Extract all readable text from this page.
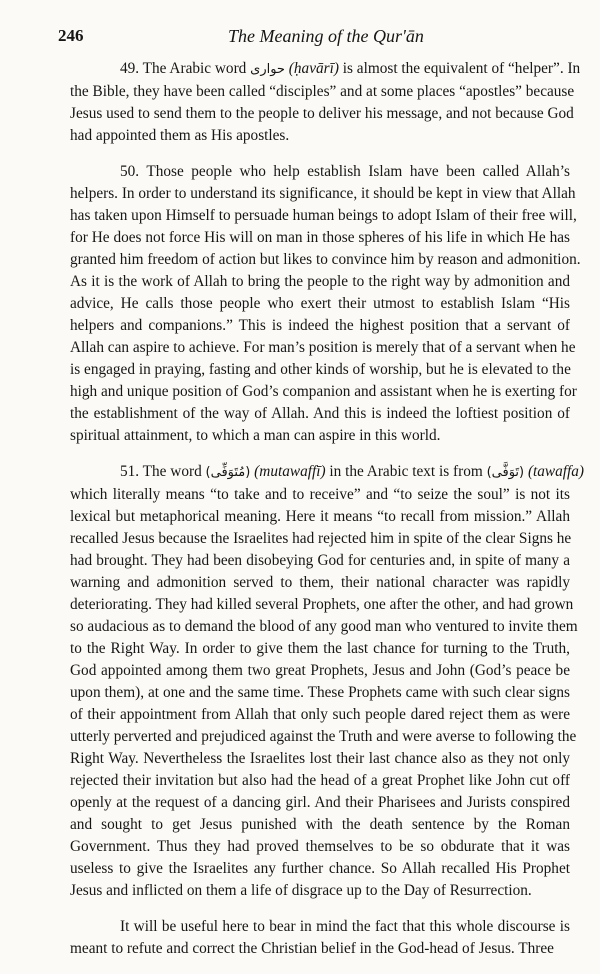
246	The Meaning of the Qur'ān
49. The Arabic word حواری (ḥavārī) is almost the equivalent of “helper”. In
the Bible, they have been called “disciples” and at some places “apostles” because
Jesus used to send them to the people to deliver his message, and not because God
had appointed them as His apostles.
50. Those people who help establish Islam have been called Allah’s
helpers. In order to understand its significance, it should be kept in view that Allah
has taken upon Himself to persuade human beings to adopt Islam of their free will,
for He does not force His will on man in those spheres of his life in which He has
granted him freedom of action but likes to convince him by reason and admonition.
As it is the work of Allah to bring the people to the right way by admonition and
advice, He calls those people who exert their utmost to establish Islam “His
helpers and companions.” This is indeed the highest position that a servant of
Allah can aspire to achieve. For man’s position is merely that of a servant when he
is engaged in praying, fasting and other kinds of worship, but he is elevated to the
high and unique position of God’s companion and assistant when he is exerting for
the establishment of the way of Allah. And this is indeed the loftiest position of
spiritual attainment, to which a man can aspire in this world.
51. The word (مُتَوَفِّی) (mutawaffī) in the Arabic text is from (تَوَفَّی) (tawaffa)
which literally means “to take and to receive” and “to seize the soul” is not its
lexical but metaphorical meaning. Here it means “to recall from mission.” Allah
recalled Jesus because the Israelites had rejected him in spite of the clear Signs he
had brought. They had been disobeying God for centuries and, in spite of many a
warning and admonition served to them, their national character was rapidly
deteriorating. They had killed several Prophets, one after the other, and had grown
so audacious as to demand the blood of any good man who ventured to invite them
to the Right Way. In order to give them the last chance for turning to the Truth,
God appointed among them two great Prophets, Jesus and John (God’s peace be
upon them), at one and the same time. These Prophets came with such clear signs
of their appointment from Allah that only such people dared reject them as were
utterly perverted and prejudiced against the Truth and were averse to following the
Right Way. Nevertheless the Israelites lost their last chance also as they not only
rejected their invitation but also had the head of a great Prophet like John cut off
openly at the request of a dancing girl. And their Pharisees and Jurists conspired
and sought to get Jesus punished with the death sentence by the Roman
Government. Thus they had proved themselves to be so obdurate that it was
useless to give the Israelites any further chance. So Allah recalled His Prophet
Jesus and inflicted on them a life of disgrace up to the Day of Resurrection.
It will be useful here to bear in mind the fact that this whole discourse is
meant to refute and correct the Christian belief in the God-head of Jesus. Three
